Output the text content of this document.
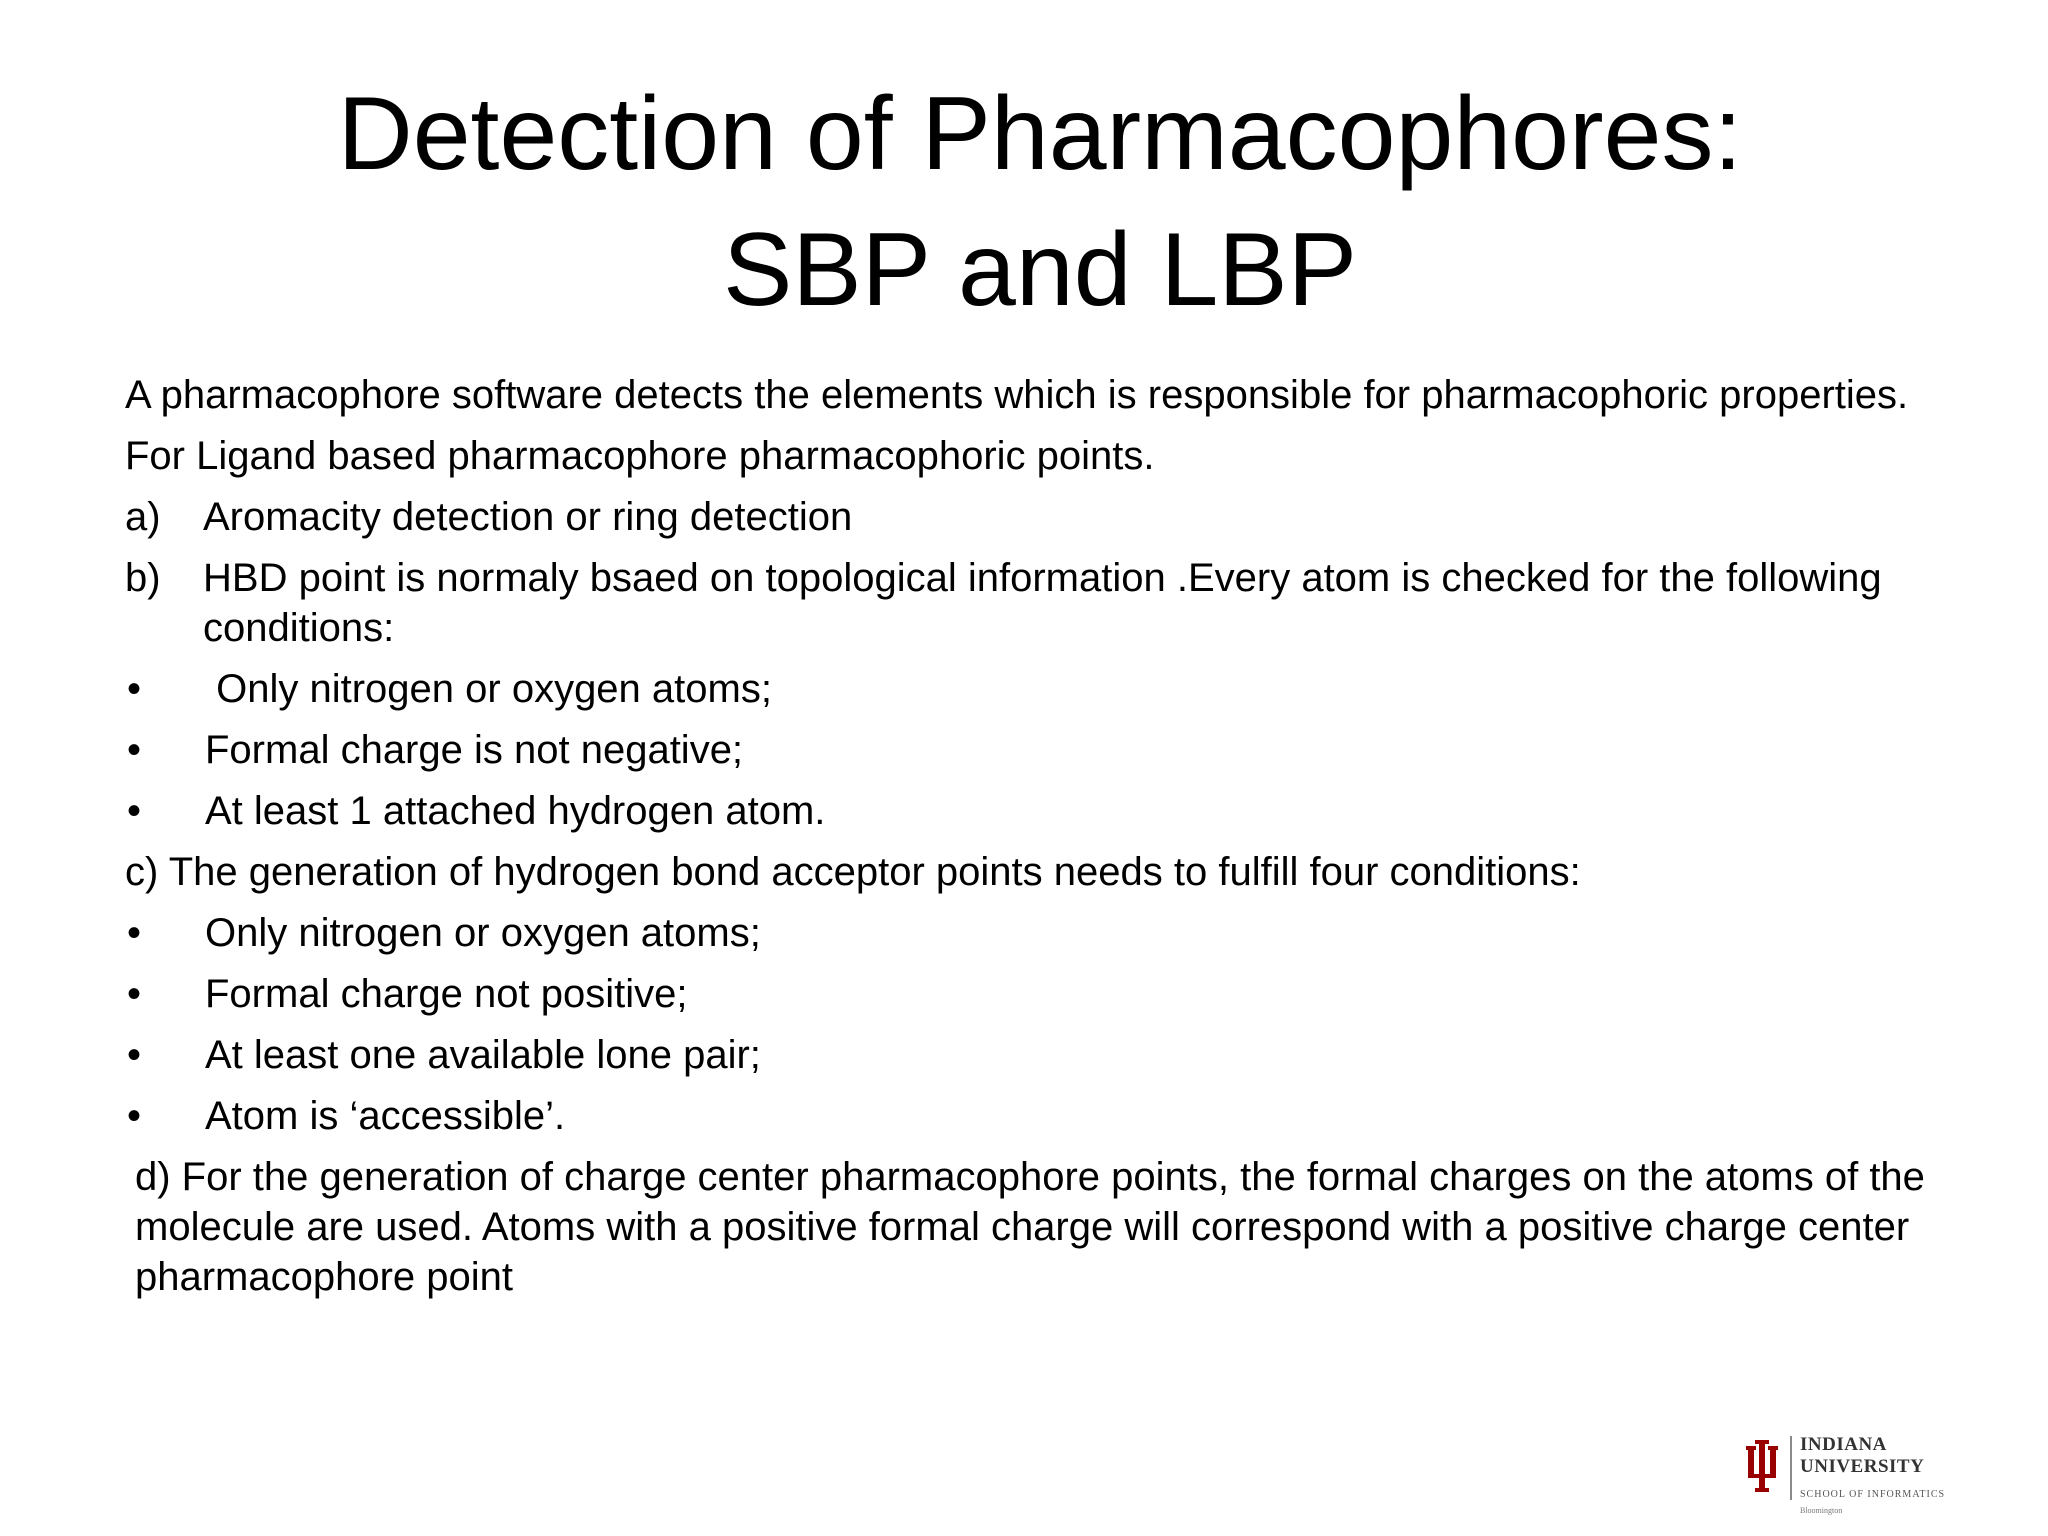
Detection of Pharmacophores:
SBP and LBP
A pharmacophore software detects the elements which is responsible for pharmacophoric properties.
For Ligand based pharmacophore pharmacophoric points.
a)	Aromacity detection or ring detection
b)	HBD point is normaly bsaed on topological information .Every atom is checked for the following conditions:
•	Only nitrogen or oxygen atoms;
•	Formal charge is not negative;
•	At least 1 attached hydrogen atom.
c) The generation of hydrogen bond acceptor points needs to fulfill four conditions:
•	Only nitrogen or oxygen atoms;
•	Formal charge not positive;
•	At least one available lone pair;
•	Atom is ‘accessible’.
d) For the generation of charge center pharmacophore points, the formal charges on the atoms of the molecule are used. Atoms with a positive formal charge will correspond with a positive charge center pharmacophore point
INDIANA UNIVERSITY
SCHOOL OF INFORMATICS
Bloomington
